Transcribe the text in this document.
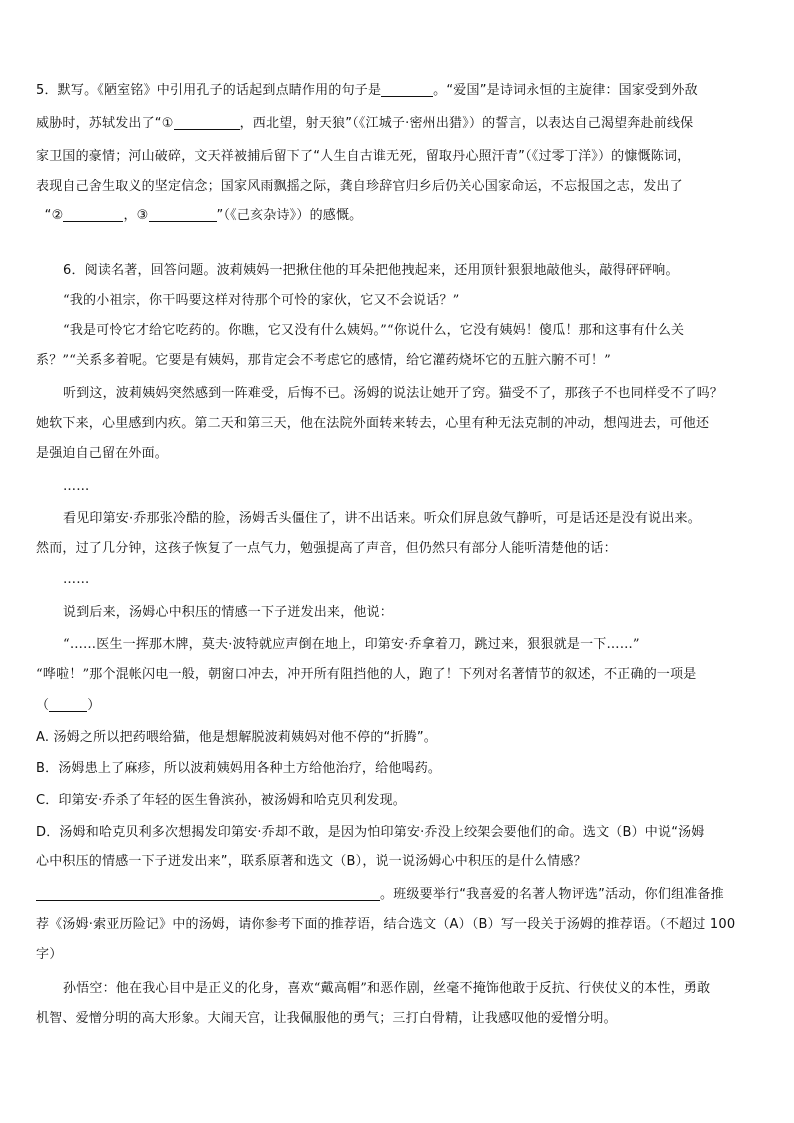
5．默写。《陋室铭》中引用孔子的话起到点睛作用的句子是	。“爱国”是诗词永恒的主旋律：国家受到外敌
威胁时，苏轼发出了“①	，西北望，射天狼”（《江城子·密州出猎》）的誓言，以表达自己渴望奔赴前线保
家卫国的豪情；河山破碎，文天祥被捕后留下了“人生自古谁无死，留取丹心照汗青”（《过零丁洋》）的慷慨陈词，
表现自己舍生取义的坚定信念；国家风雨飘摇之际，龚自珍辞官归乡后仍关心国家命运，不忘报国之志，发出了
“②	，③	”（《己亥杂诗》）的感慨。
6．阅读名著，回答问题。波莉姨妈一把揪住他的耳朵把他拽起来，还用顶针狠狠地敲他头，敲得砰砰响。
“我的小祖宗，你干吗要这样对待那个可怜的家伙，它又不会说话？”
“我是可怜它才给它吃药的。你瞧，它又没有什么姨妈。”“你说什么，它没有姨妈！傻瓜！那和这事有什么关
系？”“关系多着呢。它要是有姨妈，那肯定会不考虑它的感情，给它灌药烧坏它的五脏六腑不可！”
听到这，波莉姨妈突然感到一阵难受，后悔不已。汤姆的说法让她开了窍。猫受不了，那孩子不也同样受不了吗？
她软下来，心里感到内疚。第二天和第三天，他在法院外面转来转去，心里有种无法克制的冲动，想闯进去，可他还
是强迫自己留在外面。
……
看见印第安·乔那张冷酷的脸，汤姆舌头僵住了，讲不出话来。听众们屏息敛气静听，可是话还是没有说出来。
然而，过了几分钟，这孩子恢复了一点气力，勉强提高了声音，但仍然只有部分人能听清楚他的话：
……
说到后来，汤姆心中积压的情感一下子迸发出来，他说：
“……医生一挥那木牌，莫夫·波特就应声倒在地上，印第安·乔拿着刀，跳过来，狠狠就是一下……”
“哗啦！”那个混帐闪电一般，朝窗口冲去，冲开所有阻挡他的人，跑了！下列对名著情节的叙述，不正确的一项是
（	）
A. 汤姆之所以把药喂给猫，他是想解脱波莉姨妈对他不停的“折腾”。
B．汤姆患上了麻疹，所以波莉姨妈用各种土方给他治疗，给他喝药。
C．印第安·乔杀了年轻的医生鲁滨孙，被汤姆和哈克贝利发现。
D．汤姆和哈克贝利多次想揭发印第安·乔却不敢，是因为怕印第安·乔没上绞架会要他们的命。选文（B）中说“汤姆
心中积压的情感一下子迸发出来”，联系原著和选文（B），说一说汤姆心中积压的是什么情感？
。班级要举行“我喜爱的名著人物评选”活动，你们组准备推
荐《汤姆·索亚历险记》中的汤姆，请你参考下面的推荐语，结合选文（A）（B）写一段关于汤姆的推荐语。（不超过 100
字）
孙悟空：他在我心目中是正义的化身，喜欢“戴高帽”和恶作剧，丝毫不掩饰他敢于反抗、行侠仗义的本性，勇敢
机智、爱憎分明的高大形象。大闹天宫，让我佩服他的勇气；三打白骨精，让我感叹他的爱憎分明。
